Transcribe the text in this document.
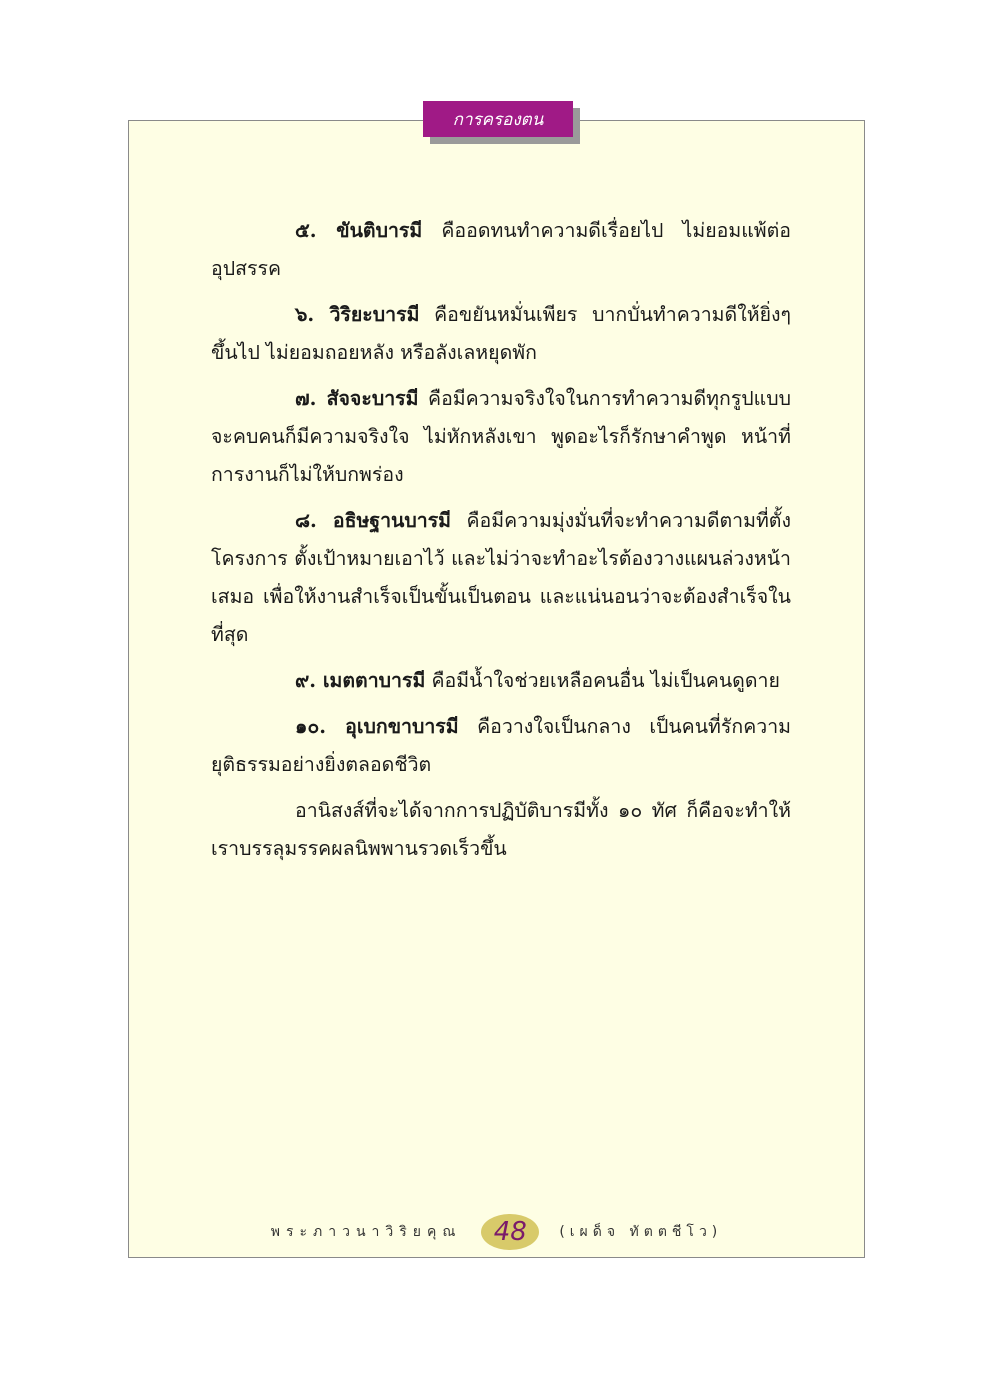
การครองตน

๕. ขันติบารมี คืออดทนทำความดีเรื่อยไป ไม่ยอมแพ้ต่ออุปสรรค

๖. วิริยะบารมี คือขยันหมั่นเพียร บากบั่นทำความดีให้ยิ่งๆ ขึ้นไป ไม่ยอมถอยหลัง หรือลังเลหยุดพัก

๗. สัจจะบารมี คือมีความจริงใจในการทำความดีทุกรูปแบบ จะคบคนก็มีความจริงใจ ไม่หักหลังเขา พูดอะไรก็รักษาคำพูด หน้าที่การงานก็ไม่ให้บกพร่อง

๘. อธิษฐานบารมี คือมีความมุ่งมั่นที่จะทำความดีตามที่ตั้งโครงการ ตั้งเป้าหมายเอาไว้ และไม่ว่าจะทำอะไรต้องวางแผนล่วงหน้าเสมอ เพื่อให้งานสำเร็จเป็นขั้นเป็นตอน และแน่นอนว่าจะต้องสำเร็จในที่สุด

๙. เมตตาบารมี คือมีน้ำใจช่วยเหลือคนอื่น ไม่เป็นคนดูดาย

๑๐. อุเบกขาบารมี คือวางใจเป็นกลาง เป็นคนที่รักความยุติธรรมอย่างยิ่งตลอดชีวิต

อานิสงส์ที่จะได้จากการปฏิบัติบารมีทั้ง ๑๐ ทัศ ก็คือจะทำให้เราบรรลุมรรคผลนิพพานรวดเร็วขึ้น

พระภาวนาวิริยคุณ 48 (เผด็จ ทัตตชีโว)
